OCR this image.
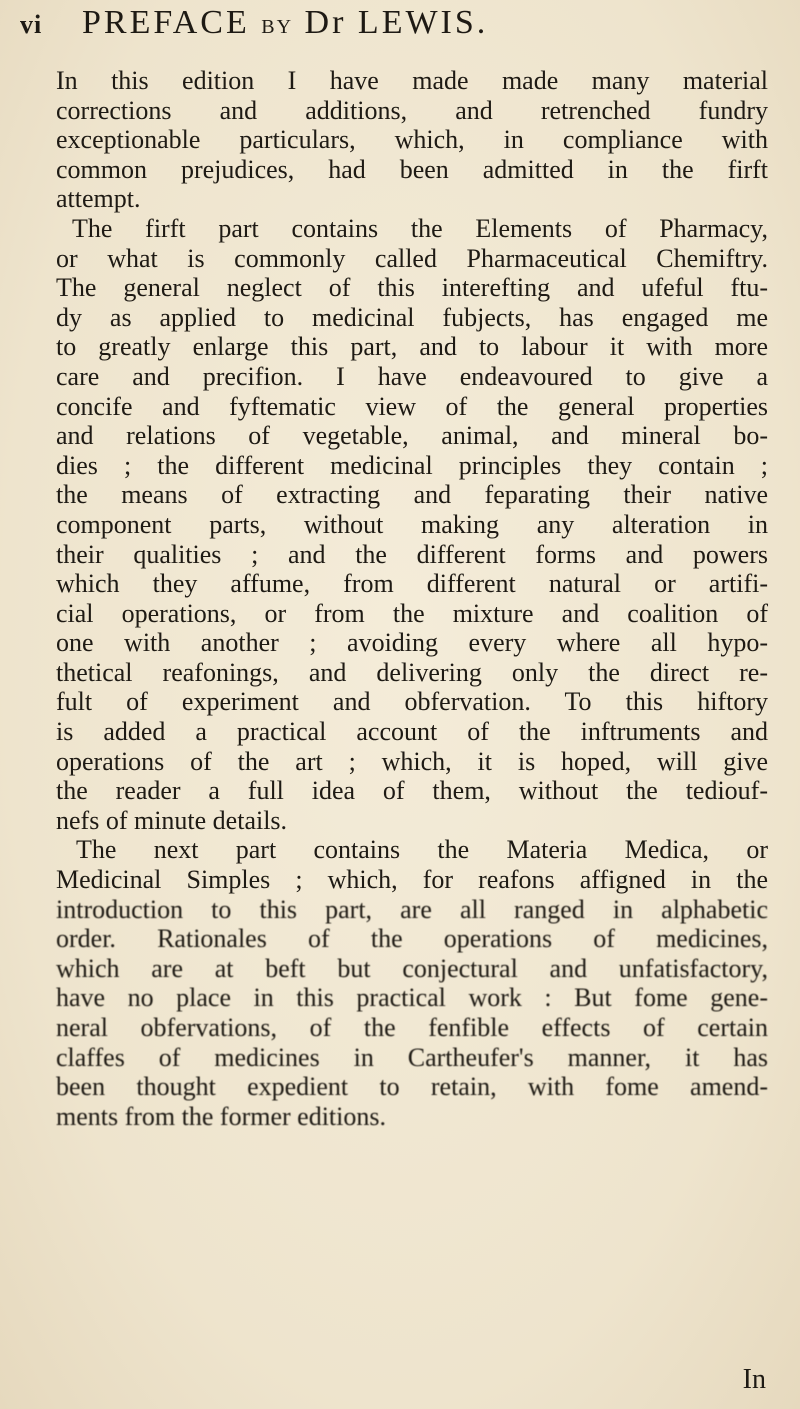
vi PREFACE BY Dr LEWIS.
In this edition I have made made many material
corrections and additions, and retrenched fundry
exceptionable particulars, which, in compliance with
common prejudices, had been admitted in the firft
attempt.
The firft part contains the Elements of Pharmacy,
or what is commonly called Pharmaceutical Chemiftry.
The general neglect of this interefting and ufeful ftu-
dy as applied to medicinal fubjects, has engaged me
to greatly enlarge this part, and to labour it with more
care and precifion. I have endeavoured to give a
concife and fyftematic view of the general properties
and relations of vegetable, animal, and mineral bo-
dies ; the different medicinal principles they contain ;
the means of extracting and feparating their native
component parts, without making any alteration in
their qualities ; and the different forms and powers
which they affume, from different natural or artifi-
cial operations, or from the mixture and coalition of
one with another ; avoiding every where all hypo-
thetical reafonings, and delivering only the direct re-
fult of experiment and obfervation. To this hiftory
is added a practical account of the inftruments and
operations of the art ; which, it is hoped, will give
the reader a full idea of them, without the tediouf-
nefs of minute details.
The next part contains the Materia Medica, or
Medicinal Simples ; which, for reafons affigned in the
introduction to this part, are all ranged in alphabetic
order. Rationales of the operations of medicines,
which are at beft but conjectural and unfatisfactory,
have no place in this practical work : But fome gene-
neral obfervations, of the fenfible effects of certain
claffes of medicines in Cartheufer's manner, it has
been thought expedient to retain, with fome amend-
ments from the former editions.
In
